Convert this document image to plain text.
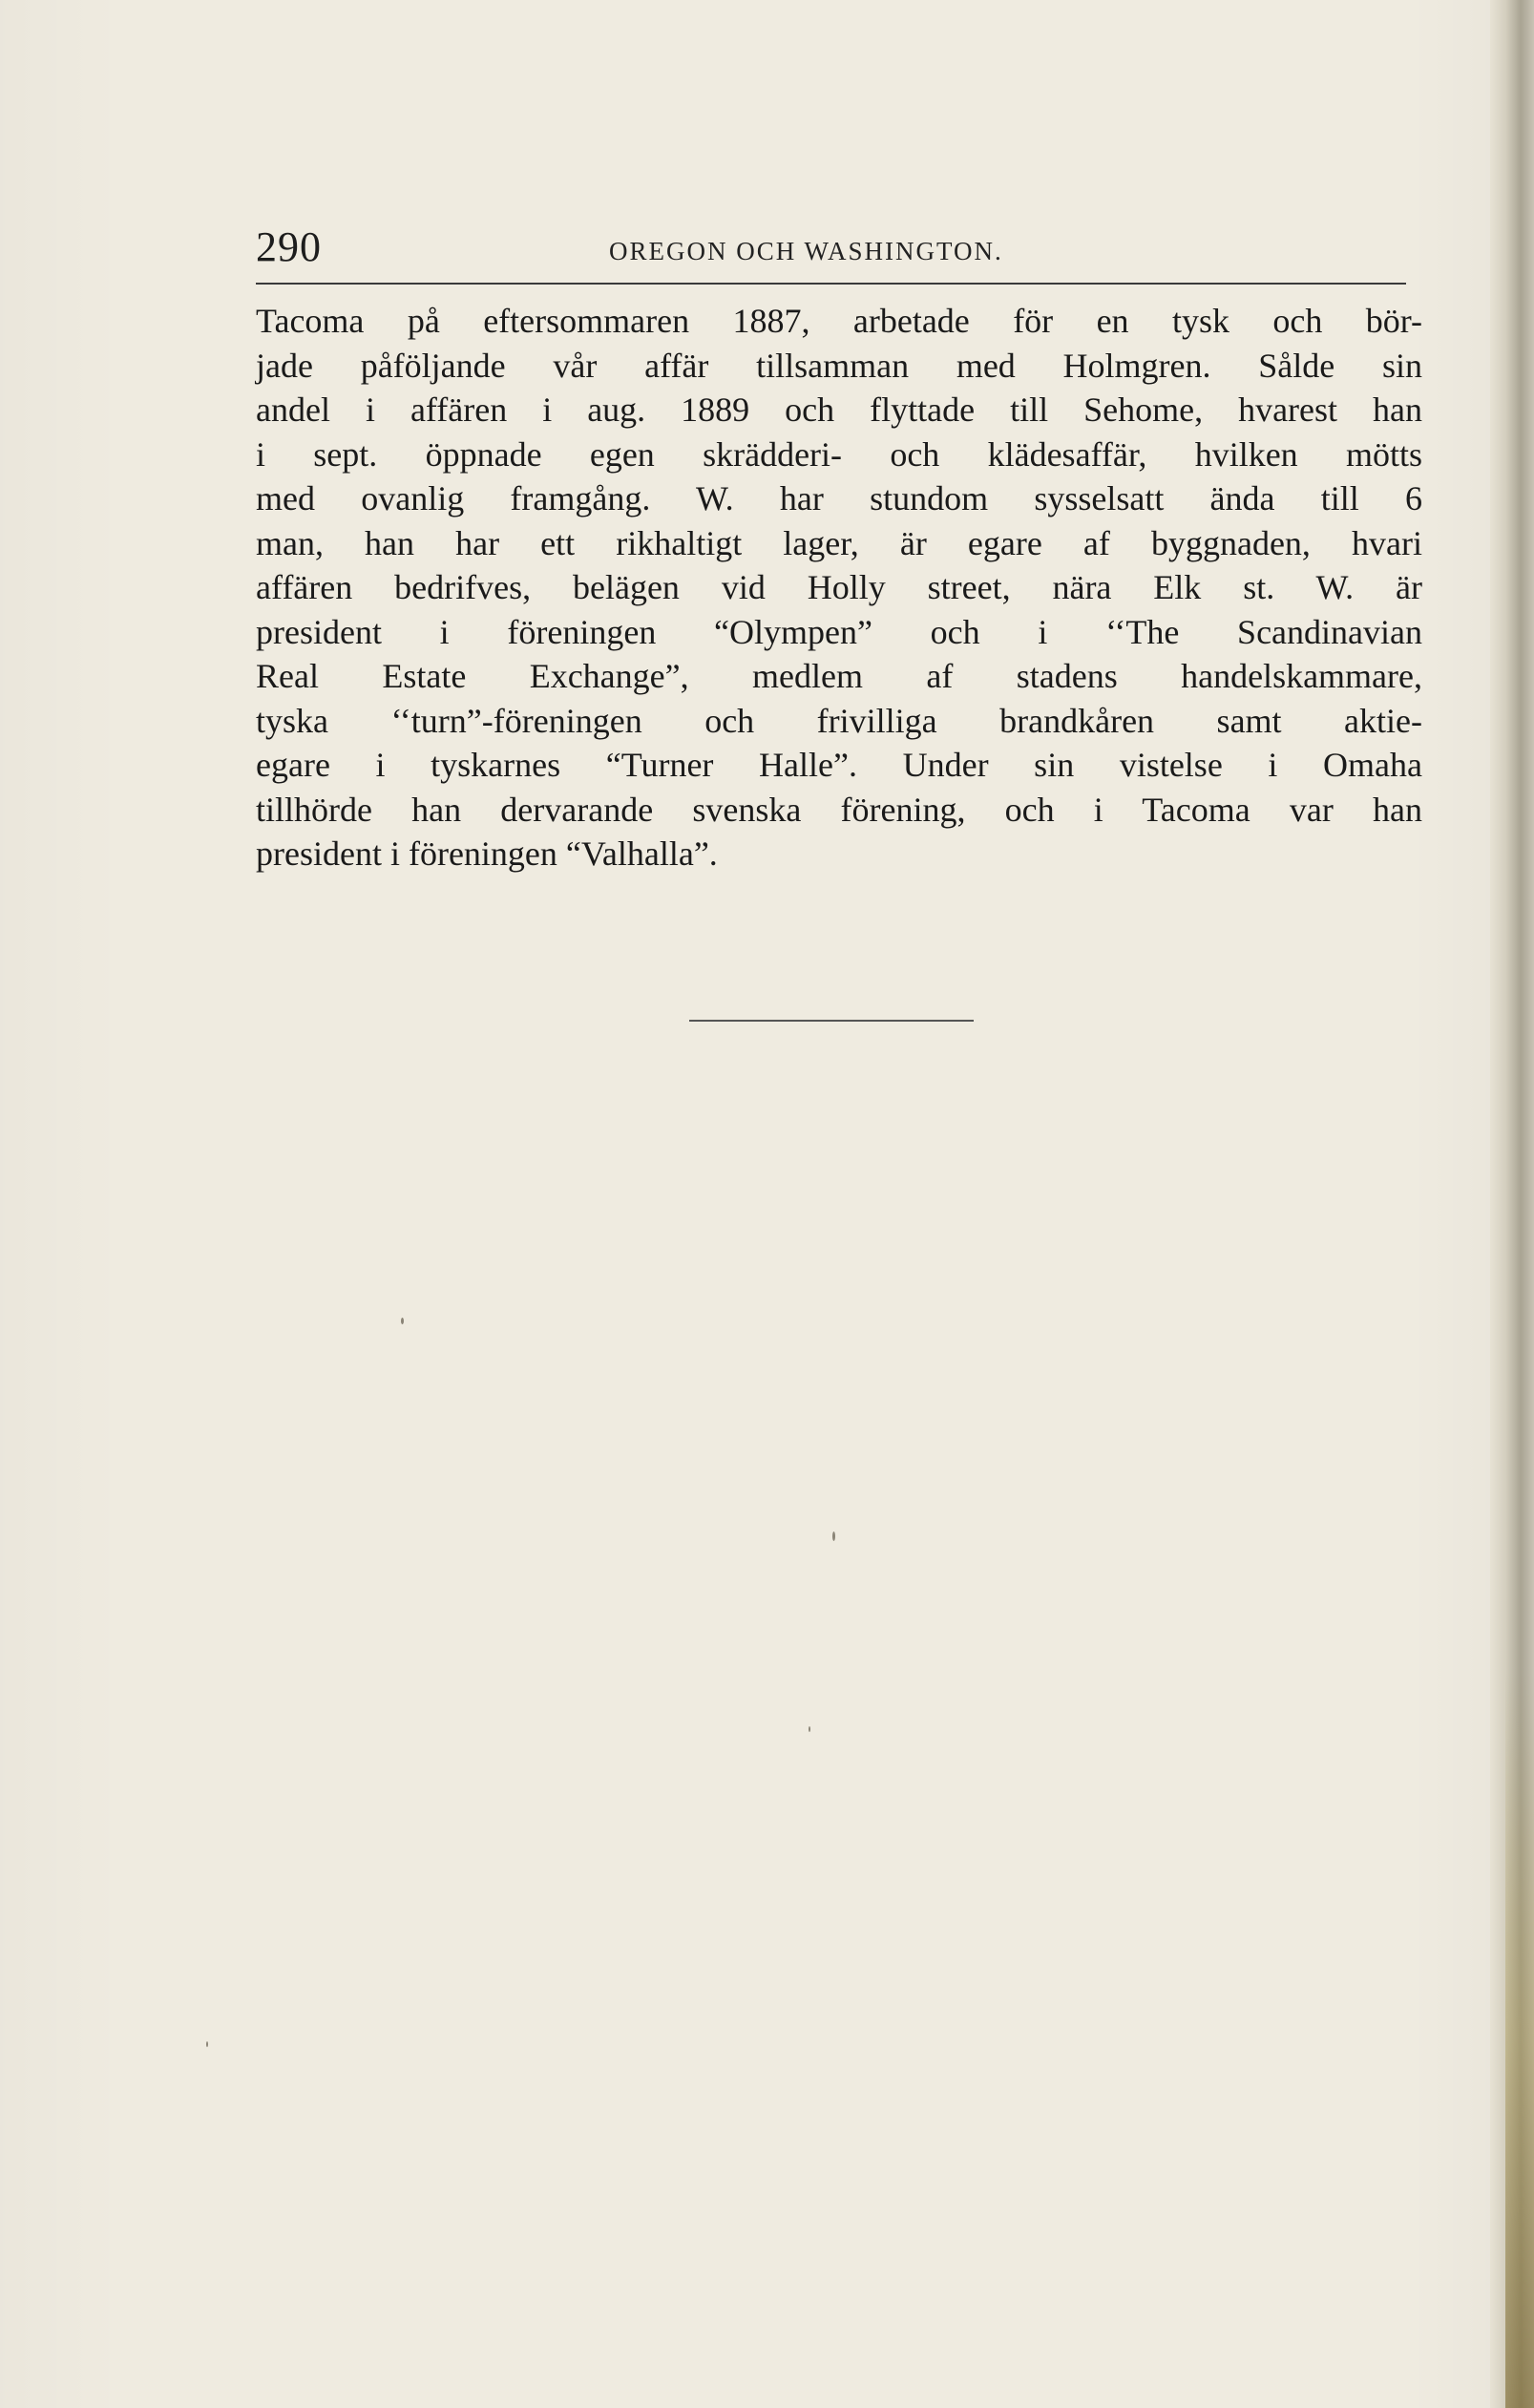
290	OREGON OCH WASHINGTON.
Tacoma på eftersommaren 1887, arbetade för en tysk och bör-
jade påföljande vår affär tillsamman med Holmgren. Sålde sin
andel i affären i aug. 1889 och flyttade till Sehome, hvarest han
i sept. öppnade egen skrädderi- och klädesaffär, hvilken mötts
med ovanlig framgång. W. har stundom sysselsatt ända till 6
man, han har ett rikhaltigt lager, är egare af byggnaden, hvari
affären bedrifves, belägen vid Holly street, nära Elk st. W. är
president i föreningen “Olympen” och i ‘‘The Scandinavian
Real Estate Exchange”, medlem af stadens handelskammare,
tyska ‘‘turn”-föreningen och frivilliga brandkåren samt aktie-
egare i tyskarnes “Turner Halle”. Under sin vistelse i Omaha
tillhörde han dervarande svenska förening, och i Tacoma var han
president i föreningen “Valhalla”.
